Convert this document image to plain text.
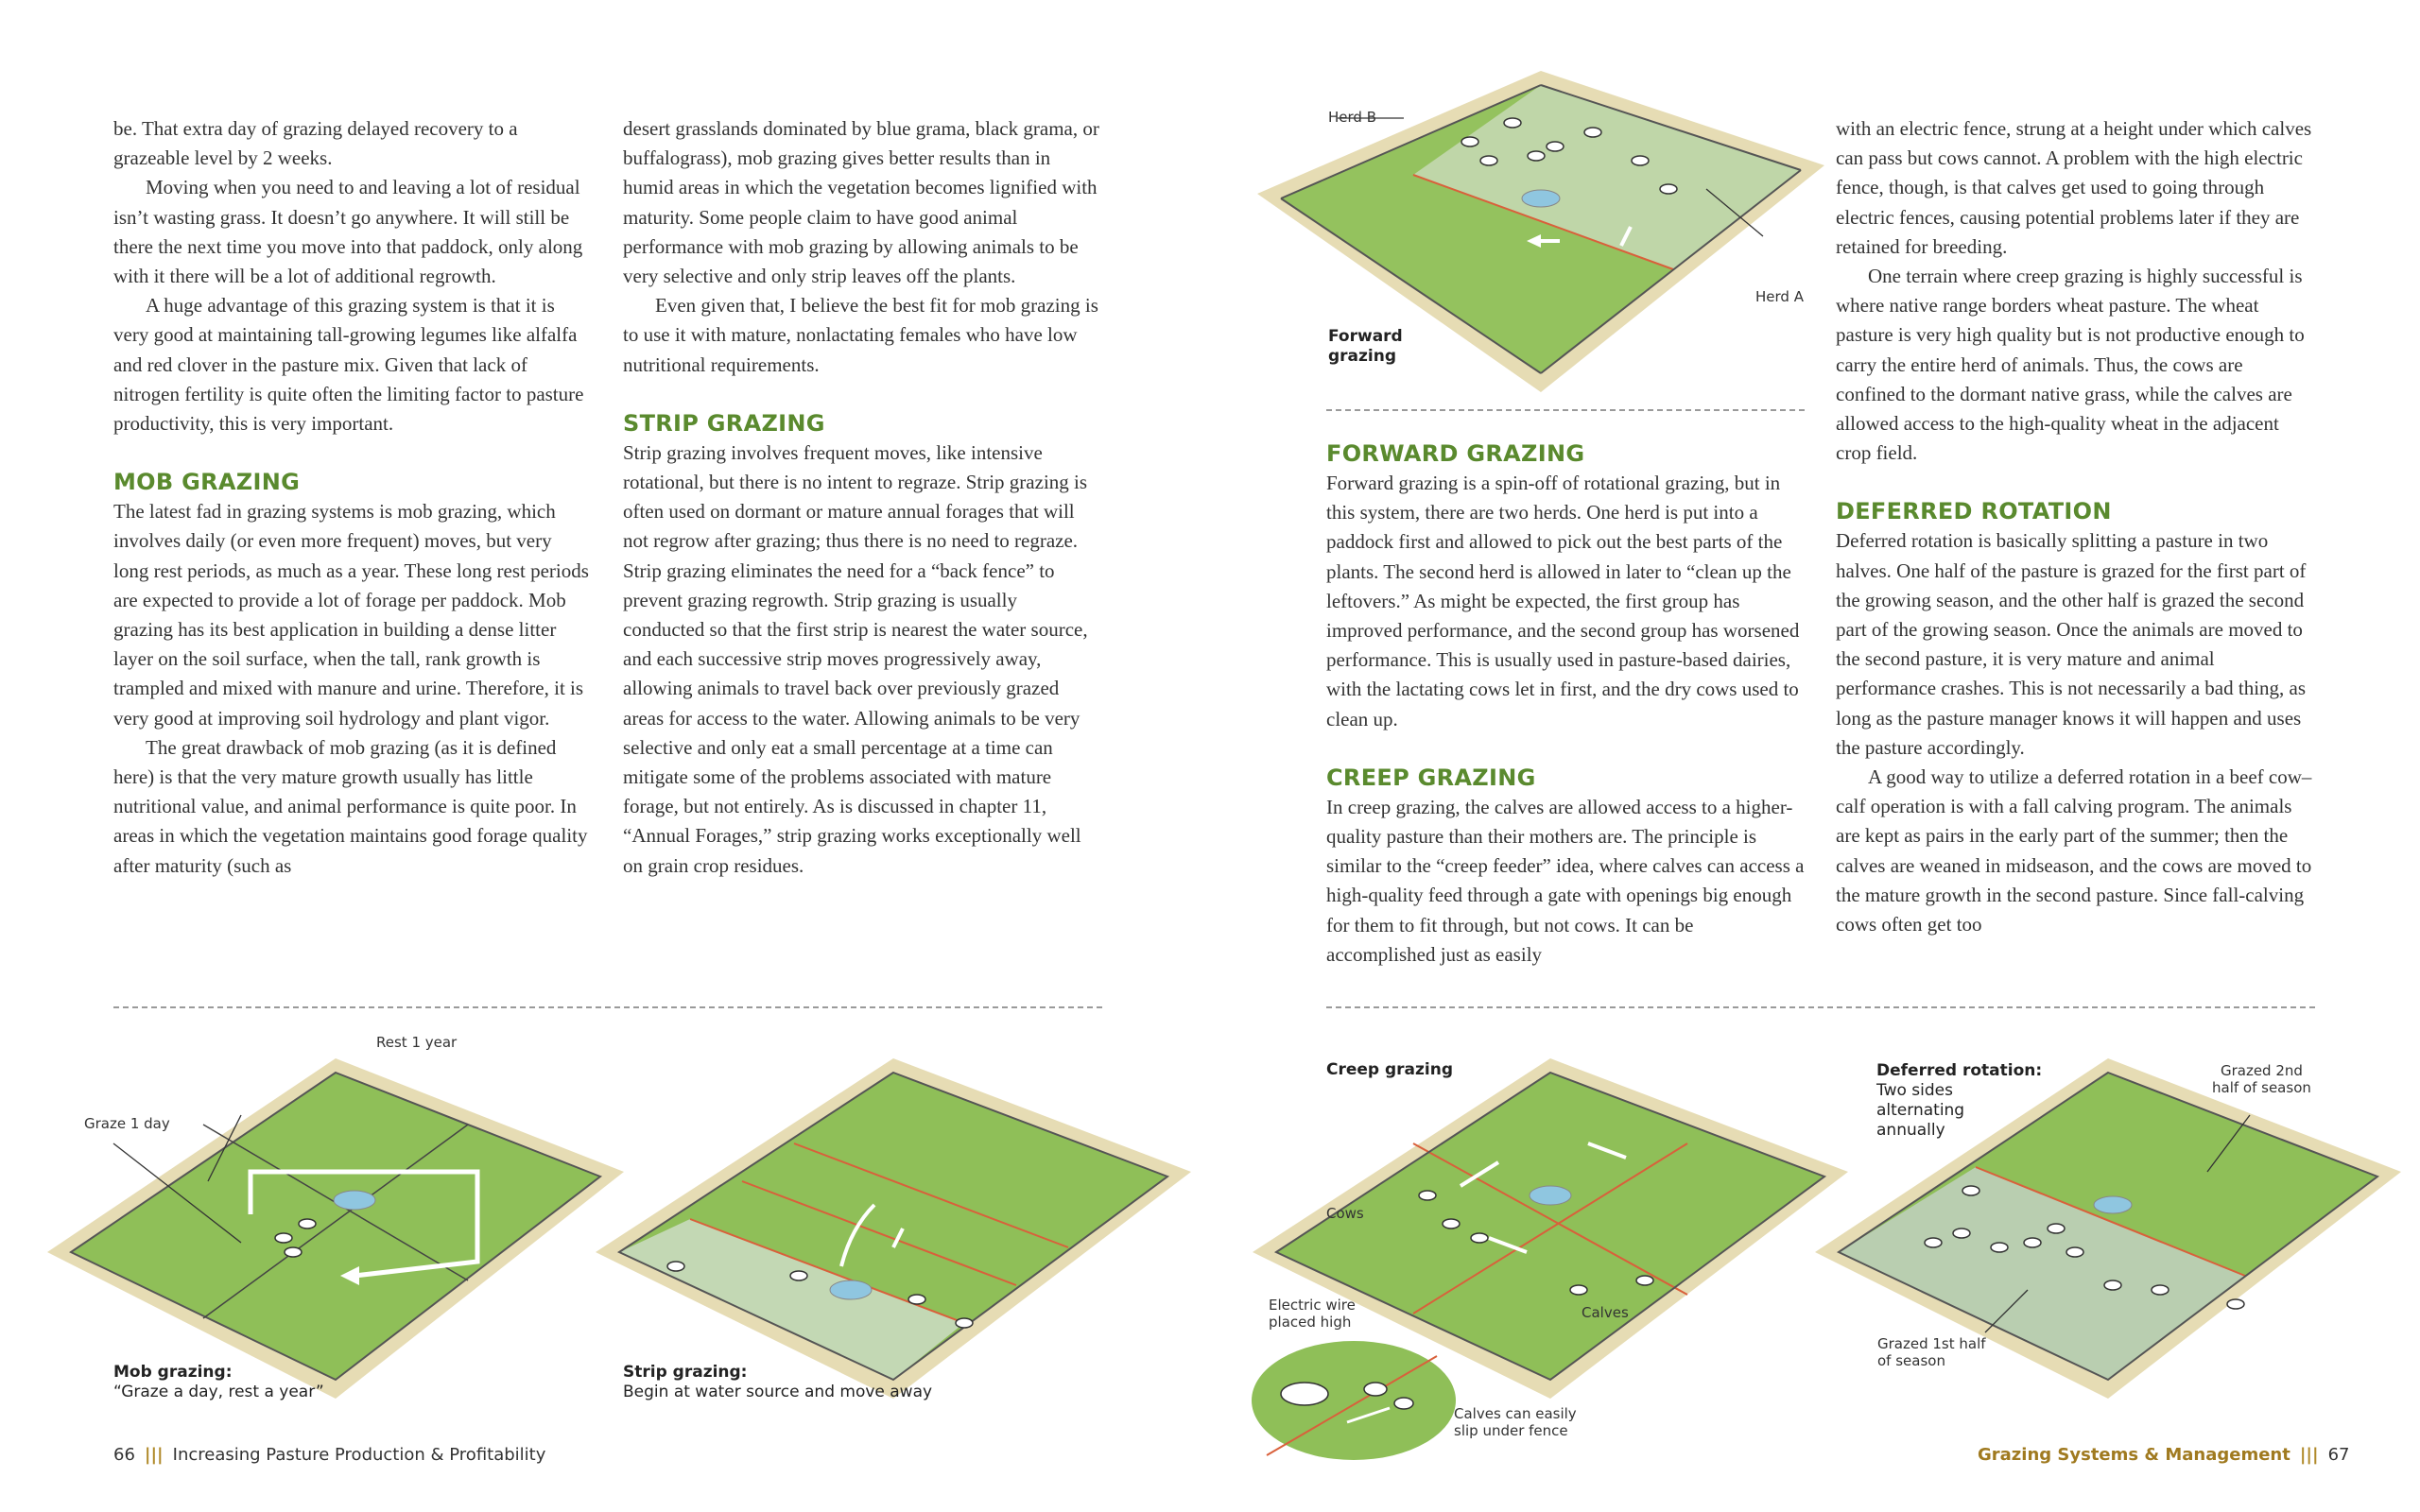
be. That extra day of grazing delayed recovery to a grazeable level by 2 weeks.

Moving when you need to and leaving a lot of residual isn’t wasting grass. It doesn’t go anywhere. It will still be there the next time you move into that paddock, only along with it there will be a lot of additional regrowth.

A huge advantage of this grazing system is that it is very good at maintaining tall-growing legumes like alfalfa and red clover in the pasture mix. Given that lack of nitrogen fertility is quite often the limiting factor to pasture productivity, this is very important.

MOB GRAZING

The latest fad in grazing systems is mob grazing, which involves daily (or even more frequent) moves, but very long rest periods, as much as a year. These long rest periods are expected to provide a lot of forage per paddock. Mob grazing has its best application in building a dense litter layer on the soil surface, when the tall, rank growth is trampled and mixed with manure and urine. Therefore, it is very good at improving soil hydrology and plant vigor.

The great drawback of mob grazing (as it is defined here) is that the very mature growth usually has little nutritional value, and animal performance is quite poor. In areas in which the vegetation maintains good forage quality after maturity (such as

desert grasslands dominated by blue grama, black grama, or buffalograss), mob grazing gives better results than in humid areas in which the vegetation becomes lignified with maturity. Some people claim to have good animal performance with mob grazing by allowing animals to be very selective and only strip leaves off the plants.

Even given that, I believe the best fit for mob grazing is to use it with mature, nonlactating females who have low nutritional requirements.

STRIP GRAZING

Strip grazing involves frequent moves, like intensive rotational, but there is no intent to regraze. Strip grazing is often used on dormant or mature annual forages that will not regrow after grazing; thus there is no need to regraze. Strip grazing eliminates the need for a “back fence” to prevent grazing regrowth. Strip grazing is usually conducted so that the first strip is nearest the water source, and each successive strip moves progressively away, allowing animals to travel back over previously grazed areas for access to the water. Allowing animals to be very selective and only eat a small percentage at a time can mitigate some of the problems associated with mature forage, but not entirely. As is discussed in chapter 11, “Annual Forages,” strip grazing works exceptionally well on grain crop residues.

FORWARD GRAZING

Forward grazing is a spin-off of rotational grazing, but in this system, there are two herds. One herd is put into a paddock first and allowed to pick out the best parts of the plants. The second herd is allowed in later to “clean up the leftovers.” As might be expected, the first group has improved performance, and the second group has worsened performance. This is usually used in pasture-based dairies, with the lactating cows let in first, and the dry cows used to clean up.

CREEP GRAZING

In creep grazing, the calves are allowed access to a higher-quality pasture than their mothers are. The principle is similar to the “creep feeder” idea, where calves can access a high-quality feed through a gate with openings big enough for them to fit through, but not cows. It can be accomplished just as easily

with an electric fence, strung at a height under which calves can pass but cows cannot. A problem with the high electric fence, though, is that calves get used to going through electric fences, causing potential problems later if they are retained for breeding.

One terrain where creep grazing is highly successful is where native range borders wheat pasture. The wheat pasture is very high quality but is not productive enough to carry the entire herd of animals. Thus, the cows are confined to the dormant native grass, while the calves are allowed access to the high-quality wheat in the adjacent crop field.

DEFERRED ROTATION

Deferred rotation is basically splitting a pasture in two halves. One half of the pasture is grazed for the first part of the growing season, and the other half is grazed the second part of the growing season. Once the animals are moved to the second pasture, it is very mature and animal performance crashes. This is not necessarily a bad thing, as long as the pasture manager knows it will happen and uses the pasture accordingly.

A good way to utilize a deferred rotation in a beef cow–calf operation is with a fall calving program. The animals are kept as pairs in the early part of the summer; then the calves are weaned in midseason, and the cows are moved to the mature growth in the second pasture. Since fall-calving cows often get too

Herd B
Herd A
Forward
grazing
Rest 1 year
Graze 1 day
Mob grazing:
“Graze a day, rest a year”
Strip grazing:
Begin at water source and move away
Creep grazing
Cows
Calves
Electric wire
placed high
Calves can easily
slip under fence
Deferred rotation:
Two sides
alternating
annually
Grazed 2nd
half of season
Grazed 1st half
of season
66 ||| Increasing Pasture Production & Profitability	Grazing Systems & Management ||| 67
